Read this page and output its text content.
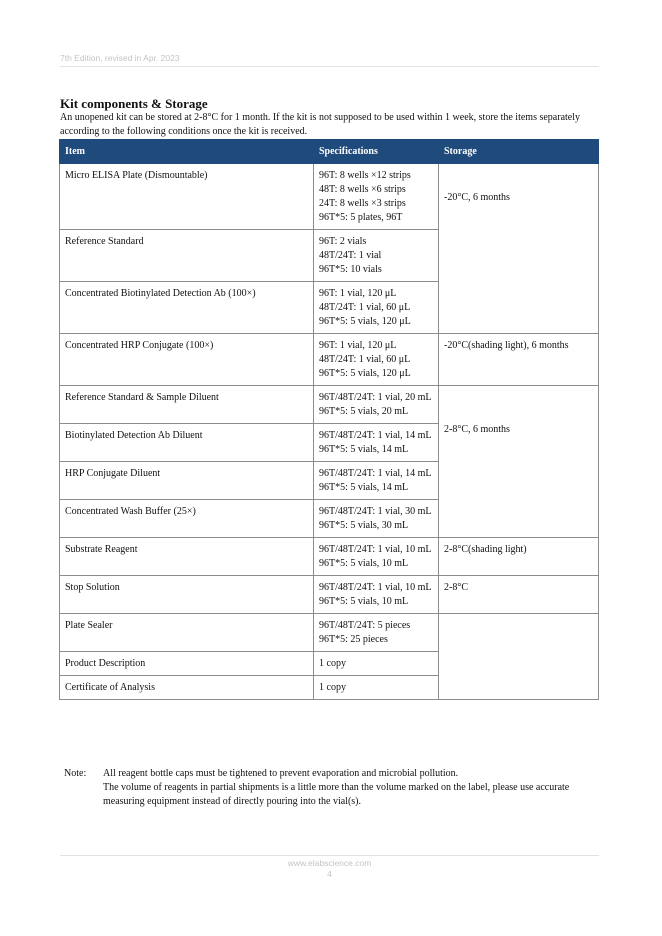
7th Edition, revised in Apr. 2023
Kit components & Storage

An unopened kit can be stored at 2-8°C for 1 month. If the kit is not supposed to be used within 1 week, store the items separately according to the following conditions once the kit is received.

Item	Specifications	Storage
Micro ELISA Plate (Dismountable)	96T: 8 wells ×12 strips
48T: 8 wells ×6 strips
24T: 8 wells ×3 strips
96T*5: 5 plates, 96T	-20°C, 6 months
Reference Standard	96T: 2 vials
48T/24T: 1 vial
96T*5: 10 vials	

Concentrated Biotinylated Detection Ab (100×)	96T: 1 vial, 120 μL
48T/24T: 1 vial, 60 μL
96T*5: 5 vials, 120 μL	

Concentrated HRP Conjugate (100×)	96T: 1 vial, 120 μL
48T/24T: 1 vial, 60 μL
96T*5: 5 vials, 120 μL	-20°C(shading light), 6 months
Reference Standard & Sample Diluent	96T/48T/24T: 1 vial, 20 mL
96T*5: 5 vials, 20 mL	2-8°C, 6 months
Biotinylated Detection Ab Diluent	96T/48T/24T: 1 vial, 14 mL
96T*5: 5 vials, 14 mL	

HRP Conjugate Diluent	96T/48T/24T: 1 vial, 14 mL
96T*5: 5 vials, 14 mL	

Concentrated Wash Buffer (25×)	96T/48T/24T: 1 vial, 30 mL
96T*5: 5 vials, 30 mL	

Substrate Reagent	96T/48T/24T: 1 vial, 10 mL
96T*5: 5 vials, 10 mL	2-8°C(shading light)
Stop Solution	96T/48T/24T: 1 vial, 10 mL
96T*5: 5 vials, 10 mL	2-8°C
Plate Sealer	96T/48T/24T: 5 pieces
96T*5: 25 pieces	

Product Description	1 copy	

Certificate of Analysis	1 copy	
Note:	All reagent bottle caps must be tightened to prevent evaporation and microbial pollution.

The volume of reagents in partial shipments is a little more than the volume marked on the label, please use accurate measuring equipment instead of directly pouring into the vial(s).

www.elabscience.com
4
